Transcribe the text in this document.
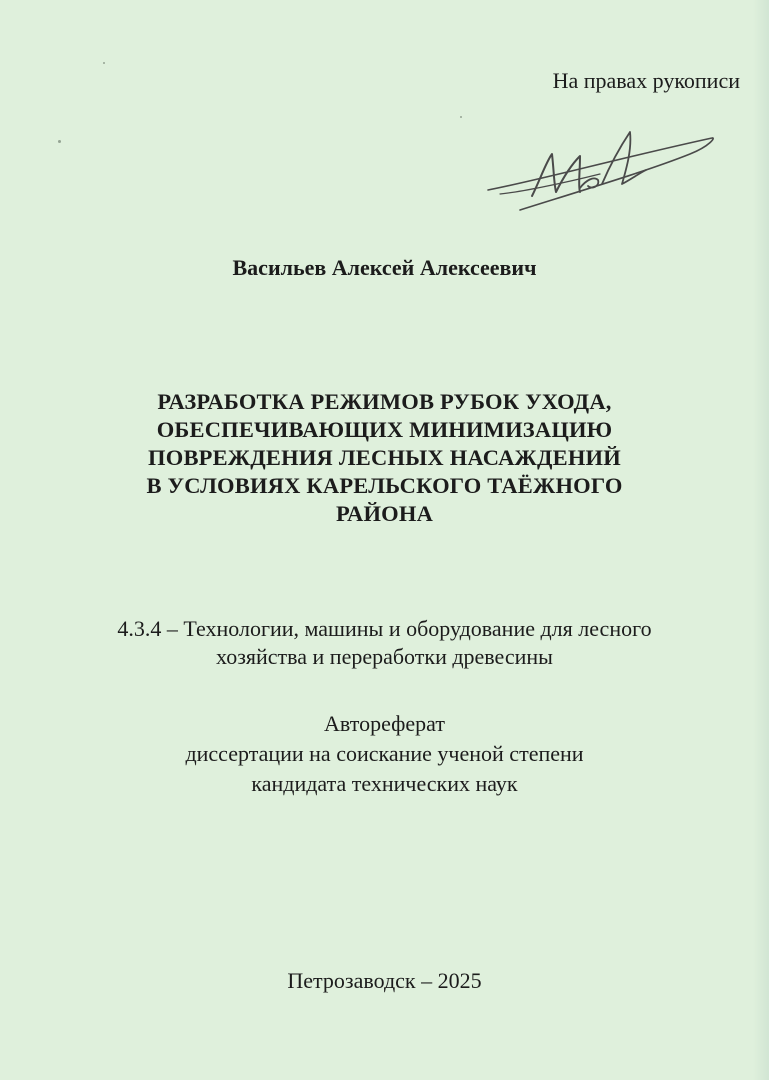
На правах рукописи
Мюл
Васильев Алексей Алексеевич
РАЗРАБОТКА РЕЖИМОВ РУБОК УХОДА,
ОБЕСПЕЧИВАЮЩИХ МИНИМИЗАЦИЮ
ПОВРЕЖДЕНИЯ ЛЕСНЫХ НАСАЖДЕНИЙ
В УСЛОВИЯХ КАРЕЛЬСКОГО ТАЁЖНОГО
РАЙОНА
4.3.4 – Технологии, машины и оборудование для лесного
хозяйства и переработки древесины
Автореферат
диссертации на соискание ученой степени
кандидата технических наук
Петрозаводск – 2025
